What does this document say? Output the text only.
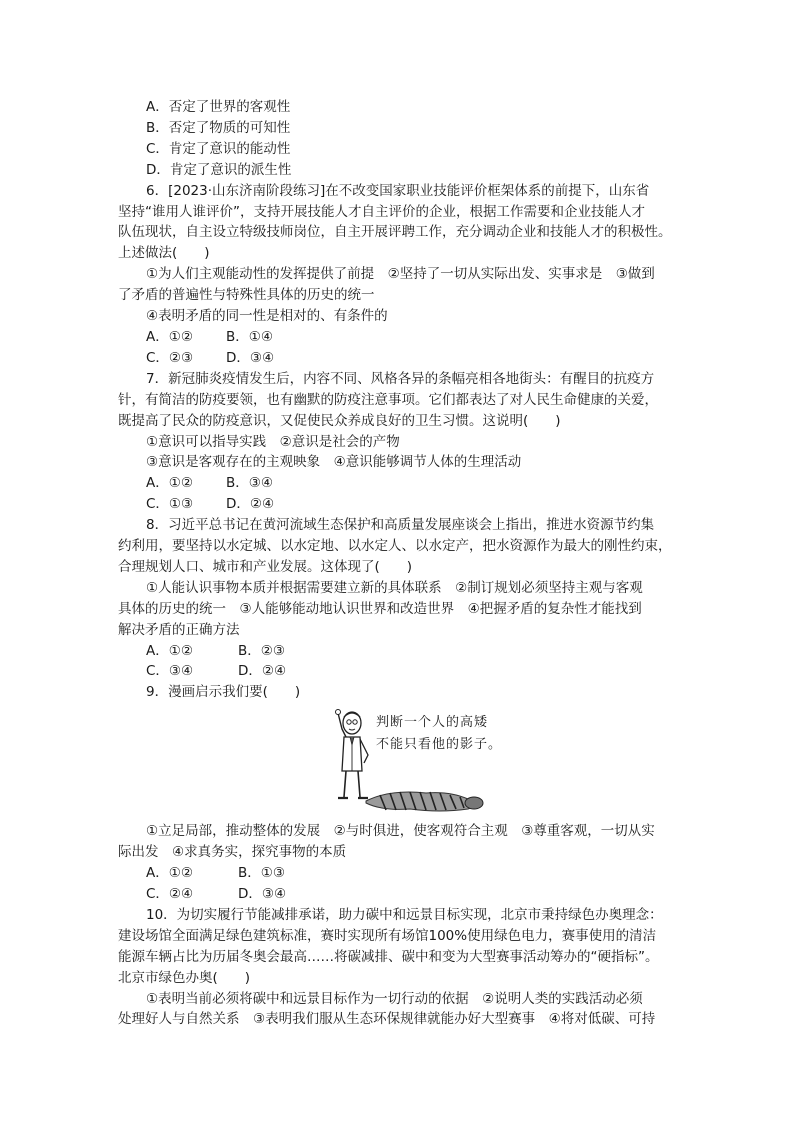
A．否定了世界的客观性
B．否定了物质的可知性
C．肯定了意识的能动性
D．肯定了意识的派生性
6．[2023·山东济南阶段练习]在不改变国家职业技能评价框架体系的前提下，山东省
坚持“谁用人谁评价”，支持开展技能人才自主评价的企业，根据工作需要和企业技能人才
队伍现状，自主设立特级技师岗位，自主开展评聘工作，充分调动企业和技能人才的积极性。
上述做法(　　)
①为人们主观能动性的发挥提供了前提　②坚持了一切从实际出发、实事求是　③做到
了矛盾的普遍性与特殊性具体的历史的统一
④表明矛盾的同一性是相对的、有条件的
A．①② B．①④
C．②③ D．③④
7．新冠肺炎疫情发生后，内容不同、风格各异的条幅亮相各地街头：有醒目的抗疫方
针，有简洁的防疫要领，也有幽默的防疫注意事项。它们都表达了对人民生命健康的关爱，
既提高了民众的防疫意识，又促使民众养成良好的卫生习惯。这说明(　　)
①意识可以指导实践　②意识是社会的产物
③意识是客观存在的主观映象　④意识能够调节人体的生理活动
A．①② B．③④
C．①③ D．②④
8．习近平总书记在黄河流域生态保护和高质量发展座谈会上指出，推进水资源节约集
约利用，要坚持以水定城、以水定地、以水定人、以水定产，把水资源作为最大的刚性约束，
合理规划人口、城市和产业发展。这体现了(　　)
①人能认识事物本质并根据需要建立新的具体联系　②制订规划必须坚持主观与客观
具体的历史的统一　③人能够能动地认识世界和改造世界　④把握矛盾的复杂性才能找到
解决矛盾的正确方法
A．①②	B．②③
C．③④	D．②④
9．漫画启示我们要(　　)
判断一个人的高矮
不能只看他的影子。
①立足局部，推动整体的发展　②与时俱进，使客观符合主观　③尊重客观，一切从实
际出发　④求真务实，探究事物的本质
A．①②	B．①③
C．②④	D．③④
10．为切实履行节能减排承诺，助力碳中和远景目标实现，北京市秉持绿色办奥理念：
建设场馆全面满足绿色建筑标准，赛时实现所有场馆100%使用绿色电力，赛事使用的清洁
能源车辆占比为历届冬奥会最高……将碳减排、碳中和变为大型赛事活动筹办的“硬指标”。
北京市绿色办奥(　　)
①表明当前必须将碳中和远景目标作为一切行动的依据　②说明人类的实践活动必须
处理好人与自然关系　③表明我们服从生态环保规律就能办好大型赛事　④将对低碳、可持
